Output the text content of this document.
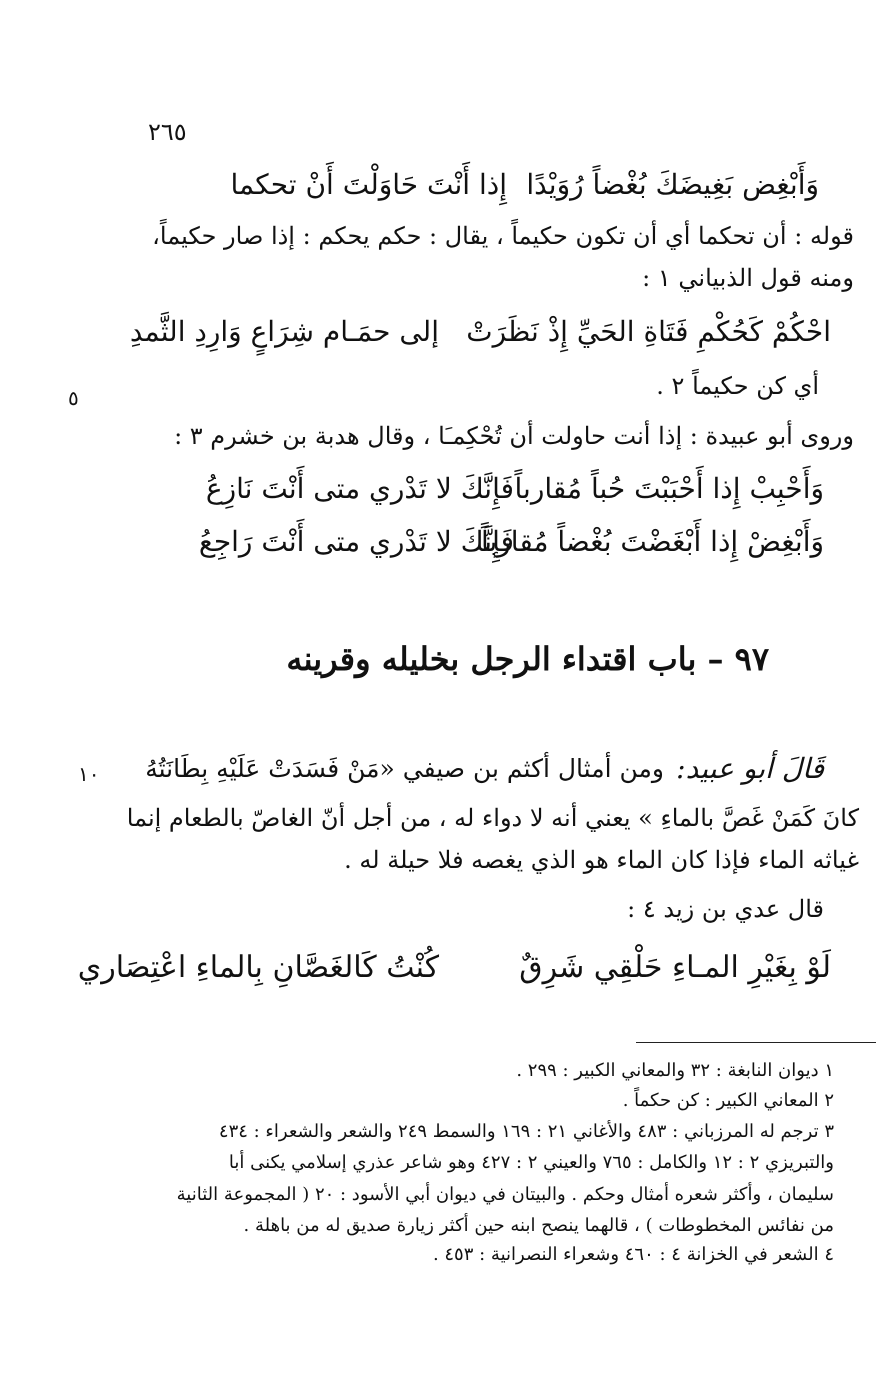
٢٦٥
وَأَبْغِض بَغِيضَكَ بُغْضاً رُوَيْدًا
إِذا أَنْتَ حَاوَلْتَ أَنْ تحكما
قوله : أن تحكما أي أن تكون حكيماً ، يقال : حكم يحكم : إذا صار حكيماً،
ومنه قول الذبياني ١ :
احْكُمْ كَحُكْمِ فَتَاةِ الحَيِّ إِذْ نَظَرَتْ
إلى حمَـام شِرَاعٍ وَارِدِ الثَّمدِ
أي كن حكيماً ٢ .
٥
وروى أبو عبيدة : إذا أنت حاولت أن تُحْكِمـَا ، وقال هدبة بن خشرم ٣ :
وَأَحْبِبْ إِذا أَحْبَبْتَ حُباً مُقارباً
فَإِنَّكَ لا تَدْري متى أَنْتَ نَازِعُ
وَأَبْغِضْ إِذا أَبْغَضْتَ بُغْضاً مُقارباً
فَإِنَّكَ لا تَدْري متى أَنْتَ رَاجِعُ
٩٧ – باب اقتداء الرجل بخليله وقرينه
قَالَ أبو عبيد:
ومن أمثال أكثم بن صيفي «مَنْ فَسَدَتْ عَلَيْهِ بِطَانَتُهُ
١٠
كانَ كَمَنْ غَصَّ بالماءِ » يعني أنه لا دواء له ، من أجل أنّ الغاصّ بالطعام إنما
غياثه الماء فإذا كان الماء هو الذي يغصه فلا حيلة له .
قال عدي بن زيد ٤ :
لَوْ بِغَيْرِ المـاءِ حَلْقِي شَرِقٌ
كُنْتُ كَالغَصَّانِ بِالماءِ اعْتِصَاري
١ ديوان النابغة : ٣٢ والمعاني الكبير : ٢٩٩ .
٢ المعاني الكبير : كن حكماً .
٣ ترجم له المرزباني : ٤٨٣ والأغاني ٢١ : ١٦٩ والسمط ٢٤٩ والشعر والشعراء : ٤٣٤
والتبريزي ٢ : ١٢ والكامل : ٧٦٥ والعيني ٢ : ٤٢٧ وهو شاعر عذري إسلامي يكنى أبا
سليمان ، وأكثر شعره أمثال وحكم . والبيتان في ديوان أبي الأسود : ٢٠ ( المجموعة الثانية
من نفائس المخطوطات ) ، قالهما ينصح ابنه حين أكثر زيارة صديق له من باهلة .
٤ الشعر في الخزانة ٤ : ٤٦٠ وشعراء النصرانية : ٤٥٣ .
